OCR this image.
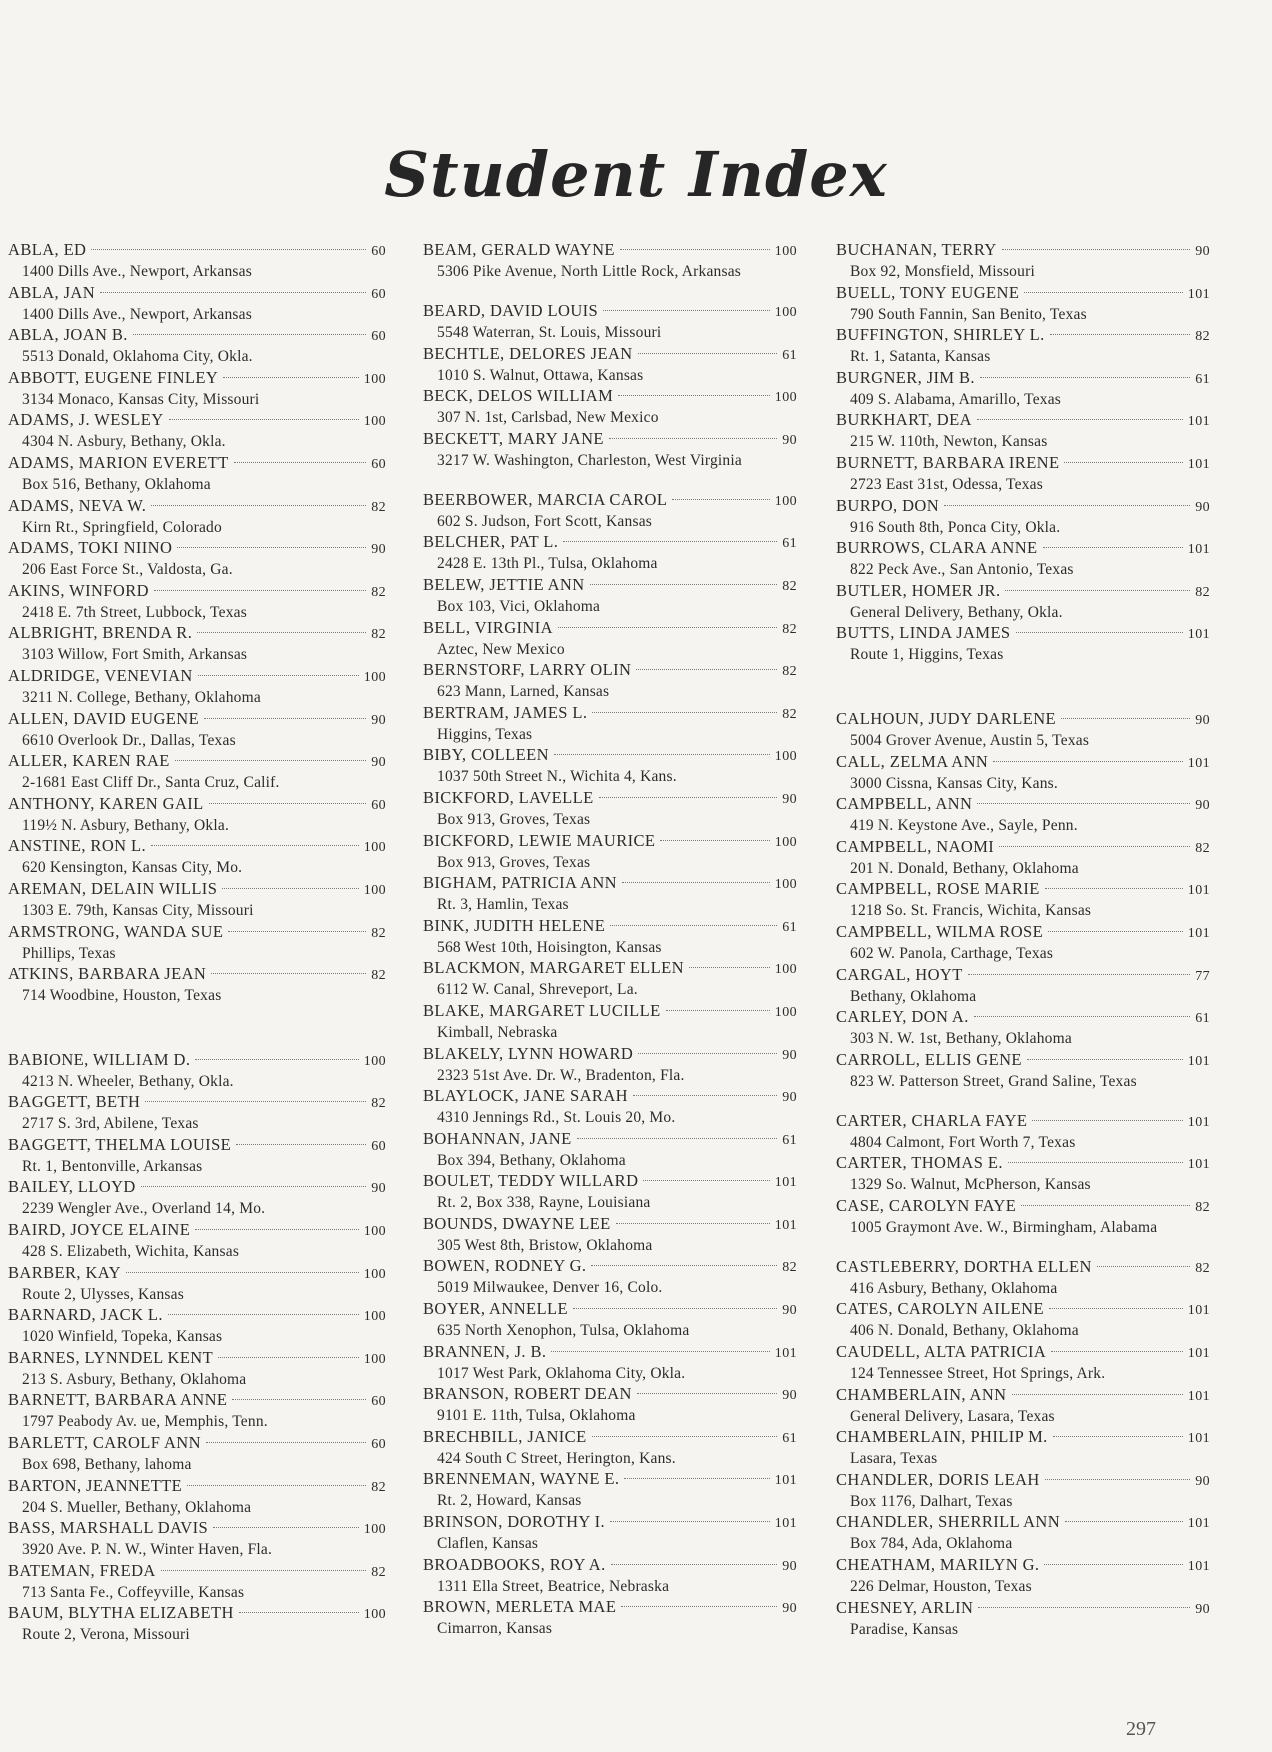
Student Index
ABLA, ED	60
1400 Dills Ave., Newport, Arkansas
ABLA, JAN	60
1400 Dills Ave., Newport, Arkansas
ABLA, JOAN B.	60
5513 Donald, Oklahoma City, Okla.
ABBOTT, EUGENE FINLEY	100
3134 Monaco, Kansas City, Missouri
ADAMS, J. WESLEY	100
4304 N. Asbury, Bethany, Okla.
ADAMS, MARION EVERETT	60
Box 516, Bethany, Oklahoma
ADAMS, NEVA W.	82
Kirn Rt., Springfield, Colorado
ADAMS, TOKI NIINO	90
206 East Force St., Valdosta, Ga.
AKINS, WINFORD	82
2418 E. 7th Street, Lubbock, Texas
ALBRIGHT, BRENDA R.	82
3103 Willow, Fort Smith, Arkansas
ALDRIDGE, VENEVIAN	100
3211 N. College, Bethany, Oklahoma
ALLEN, DAVID EUGENE	90
6610 Overlook Dr., Dallas, Texas
ALLER, KAREN RAE	90
2-1681 East Cliff Dr., Santa Cruz, Calif.
ANTHONY, KAREN GAIL	60
119½ N. Asbury, Bethany, Okla.
ANSTINE, RON L.	100
620 Kensington, Kansas City, Mo.
AREMAN, DELAIN WILLIS	100
1303 E. 79th, Kansas City, Missouri
ARMSTRONG, WANDA SUE	82
Phillips, Texas
ATKINS, BARBARA JEAN	82
714 Woodbine, Houston, Texas
BABIONE, WILLIAM D.	100
4213 N. Wheeler, Bethany, Okla.
BAGGETT, BETH	82
2717 S. 3rd, Abilene, Texas
BAGGETT, THELMA LOUISE	60
Rt. 1, Bentonville, Arkansas
BAILEY, LLOYD	90
2239 Wengler Ave., Overland 14, Mo.
BAIRD, JOYCE ELAINE	100
428 S. Elizabeth, Wichita, Kansas
BARBER, KAY	100
Route 2, Ulysses, Kansas
BARNARD, JACK L.	100
1020 Winfield, Topeka, Kansas
BARNES, LYNNDEL KENT	100
213 S. Asbury, Bethany, Oklahoma
BARNETT, BARBARA ANNE	60
1797 Peabody Av. ue, Memphis, Tenn.
BARLETT, CAROLF ANN	60
Box 698, Bethany, lahoma
BARTON, JEANNETTE	82
204 S. Mueller, Bethany, Oklahoma
BASS, MARSHALL DAVIS	100
3920 Ave. P. N. W., Winter Haven, Fla.
BATEMAN, FREDA	82
713 Santa Fe., Coffeyville, Kansas
BAUM, BLYTHA ELIZABETH	100
Route 2, Verona, Missouri
BEAM, GERALD WAYNE	100
5306 Pike Avenue, North Little Rock, Arkansas
BEARD, DAVID LOUIS	100
5548 Waterran, St. Louis, Missouri
BECHTLE, DELORES JEAN	61
1010 S. Walnut, Ottawa, Kansas
BECK, DELOS WILLIAM	100
307 N. 1st, Carlsbad, New Mexico
BECKETT, MARY JANE	90
3217 W. Washington, Charleston, West Virginia
BEERBOWER, MARCIA CAROL	100
602 S. Judson, Fort Scott, Kansas
BELCHER, PAT L.	61
2428 E. 13th Pl., Tulsa, Oklahoma
BELEW, JETTIE ANN	82
Box 103, Vici, Oklahoma
BELL, VIRGINIA	82
Aztec, New Mexico
BERNSTORF, LARRY OLIN	82
623 Mann, Larned, Kansas
BERTRAM, JAMES L.	82
Higgins, Texas
BIBY, COLLEEN	100
1037 50th Street N., Wichita 4, Kans.
BICKFORD, LAVELLE	90
Box 913, Groves, Texas
BICKFORD, LEWIE MAURICE	100
Box 913, Groves, Texas
BIGHAM, PATRICIA ANN	100
Rt. 3, Hamlin, Texas
BINK, JUDITH HELENE	61
568 West 10th, Hoisington, Kansas
BLACKMON, MARGARET ELLEN	100
6112 W. Canal, Shreveport, La.
BLAKE, MARGARET LUCILLE	100
Kimball, Nebraska
BLAKELY, LYNN HOWARD	90
2323 51st Ave. Dr. W., Bradenton, Fla.
BLAYLOCK, JANE SARAH	90
4310 Jennings Rd., St. Louis 20, Mo.
BOHANNAN, JANE	61
Box 394, Bethany, Oklahoma
BOULET, TEDDY WILLARD	101
Rt. 2, Box 338, Rayne, Louisiana
BOUNDS, DWAYNE LEE	101
305 West 8th, Bristow, Oklahoma
BOWEN, RODNEY G.	82
5019 Milwaukee, Denver 16, Colo.
BOYER, ANNELLE	90
635 North Xenophon, Tulsa, Oklahoma
BRANNEN, J. B.	101
1017 West Park, Oklahoma City, Okla.
BRANSON, ROBERT DEAN	90
9101 E. 11th, Tulsa, Oklahoma
BRECHBILL, JANICE	61
424 South C Street, Herington, Kans.
BRENNEMAN, WAYNE E.	101
Rt. 2, Howard, Kansas
BRINSON, DOROTHY I.	101
Claflen, Kansas
BROADBOOKS, ROY A.	90
1311 Ella Street, Beatrice, Nebraska
BROWN, MERLETA MAE	90
Cimarron, Kansas
BUCHANAN, TERRY	90
Box 92, Monsfield, Missouri
BUELL, TONY EUGENE	101
790 South Fannin, San Benito, Texas
BUFFINGTON, SHIRLEY L.	82
Rt. 1, Satanta, Kansas
BURGNER, JIM B.	61
409 S. Alabama, Amarillo, Texas
BURKHART, DEA	101
215 W. 110th, Newton, Kansas
BURNETT, BARBARA IRENE	101
2723 East 31st, Odessa, Texas
BURPO, DON	90
916 South 8th, Ponca City, Okla.
BURROWS, CLARA ANNE	101
822 Peck Ave., San Antonio, Texas
BUTLER, HOMER JR.	82
General Delivery, Bethany, Okla.
BUTTS, LINDA JAMES	101
Route 1, Higgins, Texas
CALHOUN, JUDY DARLENE	90
5004 Grover Avenue, Austin 5, Texas
CALL, ZELMA ANN	101
3000 Cissna, Kansas City, Kans.
CAMPBELL, ANN	90
419 N. Keystone Ave., Sayle, Penn.
CAMPBELL, NAOMI	82
201 N. Donald, Bethany, Oklahoma
CAMPBELL, ROSE MARIE	101
1218 So. St. Francis, Wichita, Kansas
CAMPBELL, WILMA ROSE	101
602 W. Panola, Carthage, Texas
CARGAL, HOYT	77
Bethany, Oklahoma
CARLEY, DON A.	61
303 N. W. 1st, Bethany, Oklahoma
CARROLL, ELLIS GENE	101
823 W. Patterson Street, Grand Saline, Texas
CARTER, CHARLA FAYE	101
4804 Calmont, Fort Worth 7, Texas
CARTER, THOMAS E.	101
1329 So. Walnut, McPherson, Kansas
CASE, CAROLYN FAYE	82
1005 Graymont Ave. W., Birmingham, Alabama
CASTLEBERRY, DORTHA ELLEN	82
416 Asbury, Bethany, Oklahoma
CATES, CAROLYN AILENE	101
406 N. Donald, Bethany, Oklahoma
CAUDELL, ALTA PATRICIA	101
124 Tennessee Street, Hot Springs, Ark.
CHAMBERLAIN, ANN	101
General Delivery, Lasara, Texas
CHAMBERLAIN, PHILIP M.	101
Lasara, Texas
CHANDLER, DORIS LEAH	90
Box 1176, Dalhart, Texas
CHANDLER, SHERRILL ANN	101
Box 784, Ada, Oklahoma
CHEATHAM, MARILYN G.	101
226 Delmar, Houston, Texas
CHESNEY, ARLIN	90
Paradise, Kansas
297
